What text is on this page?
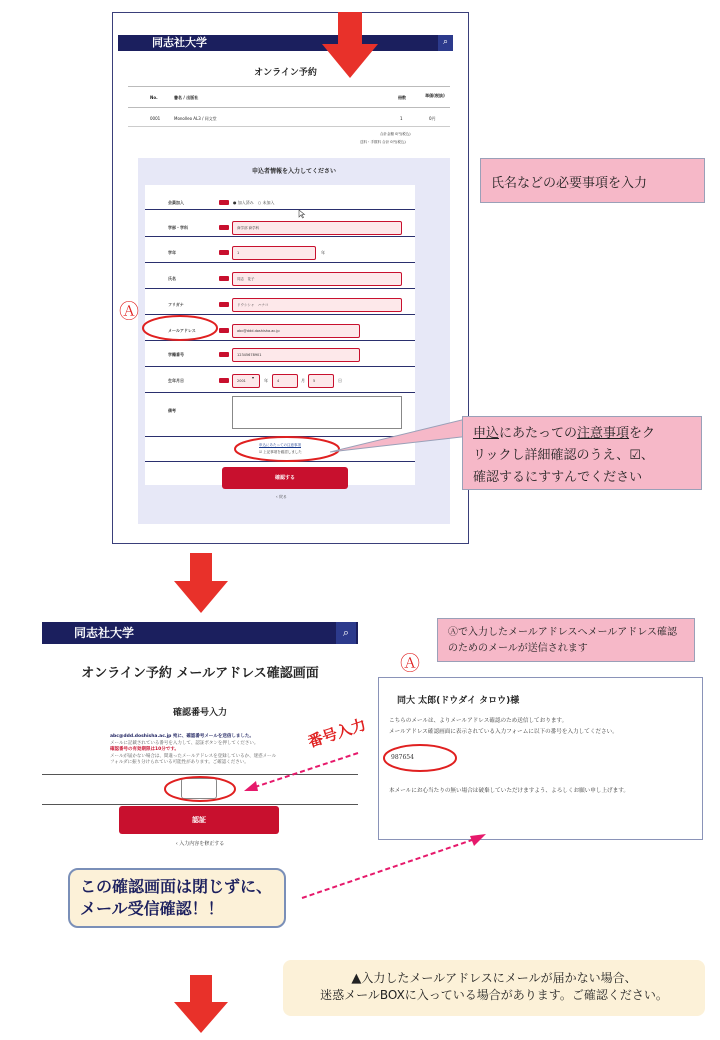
同志社大学	⌕
オンライン予約
No.	書名 / 出版社	冊数	単価(税抜)
0001	Monolleo AL3 / 同文堂	1	0円
合計金額 0円(税込)
送料・手数料 合計 0円(税込)
申込者情報を入力してください
会員加入	● 加入済み　○ 未加入
学部・学科	商学部 商学科
学年	1	年
氏名	同志　花子
フリガナ	ドウシシャ　ハナコ
メールアドレス	abc@ddd.doshisha.ac.jp
学籍番号	12345678901
生年月日	2001
▾
年	4	月	5	日
備考
申込にあたっての注意事項
☑ 上記事項を確認しました
確認する
‹ 戻る
Ⓐ
氏名などの必要事項を入力
申込にあたっての注意事項をク
リックし詳細確認のうえ、☑、
確認するにすすんでください
同志社大学	⌕
オンライン予約 メールアドレス確認画面
確認番号入力
abc@ddd.doshisha.ac.jp 宛に、確認番号メールを送信しました。
メールに記載されている番号を入力して、認証ボタンを押してください。
確認番号の有効期限は10分です。
メールが届かない場合は、間違ったメールアドレスを登録しているか、迷惑メール
フォルダに振り分けられている可能性があります。ご確認ください。
認証
‹ 入力内容を修正する
番号入力
Ⓐで入力したメールアドレスへメールアドレス確認のためのメールが送信されます
Ⓐ
同大 太郎(ドウダイ タロウ)様
こちらのメールは、よりメールアドレス確認のため送信しております。
メールアドレス確認画面に表示されている入力フォームに以下の番号を入力してください。
987654
本メールにお心当たりの無い場合は破棄していただけますよう、よろしくお願い申し上げます。
この確認画面は閉じずに、メール受信確認！！
▲入力したメールアドレスにメールが届かない場合、
迷惑メールBOXに入っている場合があります。ご確認ください。
